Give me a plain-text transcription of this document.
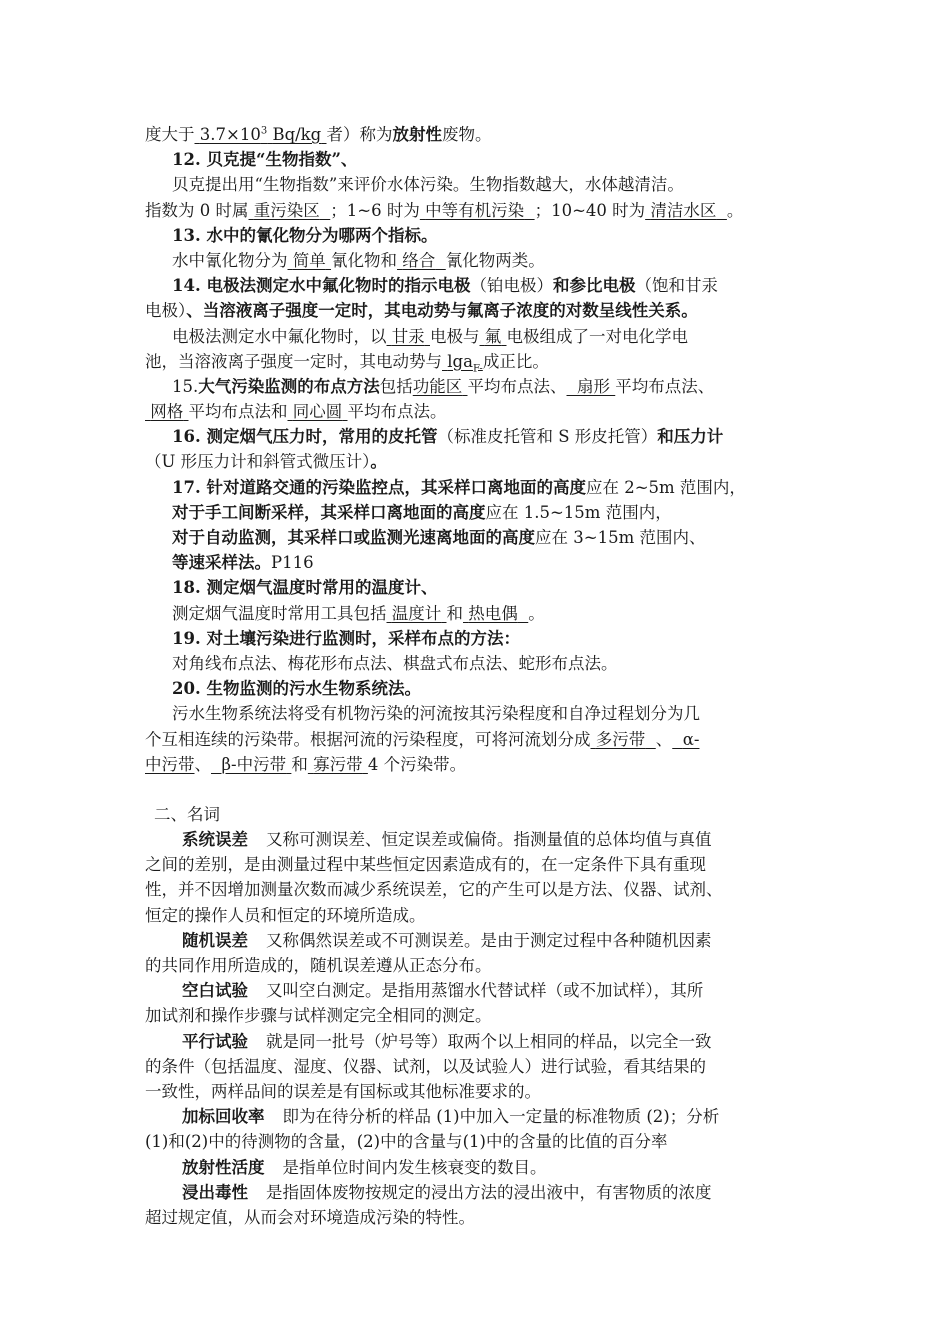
度大于 $3.7\times 10^3$ Bq/kg 者）称为放射性废物。
12. 贝克提“生物指数”、
贝克提出用“生物指数”来评价水体污染。生物指数越大，水体越清洁。
指数为 0 时属 重污染区 ；1~6 时为 中等有机污染 ；10~40 时为 清洁水区 。
13. 水中的氰化物分为哪两个指标。
水中氰化物分为 简单 氰化物和 络合 氰化物两类。
14. 电极法测定水中氟化物时的指示电极（铂电极）和参比电极（饱和甘汞
电极）、当溶液离子强度一定时，其电动势与氟离子浓度的对数呈线性关系。
电极法测定水中氟化物时，以 甘汞 电极与 氟 电极组成了一对电化学电
池，当溶液离子强度一定时，其电动势与 lga$_{F-}$成正比。
15.大气污染监测的布点方法包括功能区 平均布点法、 扇形 平均布点法、
网格 平均布点法和 同心圆 平均布点法。
16. 测定烟气压力时，常用的皮托管（标准皮托管和 S 形皮托管）和压力计
（U 形压力计和斜管式微压计）。
17. 针对道路交通的污染监控点，其采样口离地面的高度应在 2~5m 范围内，
对于手工间断采样，其采样口离地面的高度应在 1.5~15m 范围内，
对于自动监测，其采样口或监测光速离地面的高度应在 3~15m 范围内、
等速采样法。P116
18. 测定烟气温度时常用的温度计、
测定烟气温度时常用工具包括 温度计 和 热电偶 。
19. 对土壤污染进行监测时，采样布点的方法：
对角线布点法、梅花形布点法、棋盘式布点法、蛇形布点法。
20. 生物监测的污水生物系统法。
污水生物系统法将受有机物污染的河流按其污染程度和自净过程划分为几
个互相连续的污染带。根据河流的污染程度，可将河流划分成 多污带 、 α-
中污带、 β-中污带 和 寡污带 4 个污染带。
二、名词
系统误差 又称可测误差、恒定误差或偏倚。指测量值的总体均值与真值
之间的差别，是由测量过程中某些恒定因素造成有的，在一定条件下具有重现
性，并不因增加测量次数而减少系统误差，它的产生可以是方法、仪器、试剂、
恒定的操作人员和恒定的环境所造成。
随机误差 又称偶然误差或不可测误差。是由于测定过程中各种随机因素
的共同作用所造成的，随机误差遵从正态分布。
空白试验 又叫空白测定。是指用蒸馏水代替试样（或不加试样），其所
加试剂和操作步骤与试样测定完全相同的测定。
平行试验 就是同一批号（炉号等）取两个以上相同的样品，以完全一致
的条件（包括温度、湿度、仪器、试剂，以及试验人）进行试验，看其结果的
一致性，两样品间的误差是有国标或其他标准要求的。
加标回收率 即为在待分析的样品 (1)中加入一定量的标准物质 (2)；分析
(1)和(2)中的待测物的含量，(2)中的含量与(1)中的含量的比值的百分率
放射性活度 是指单位时间内发生核衰变的数目。
浸出毒性 是指固体废物按规定的浸出方法的浸出液中，有害物质的浓度
超过规定值，从而会对环境造成污染的特性。
